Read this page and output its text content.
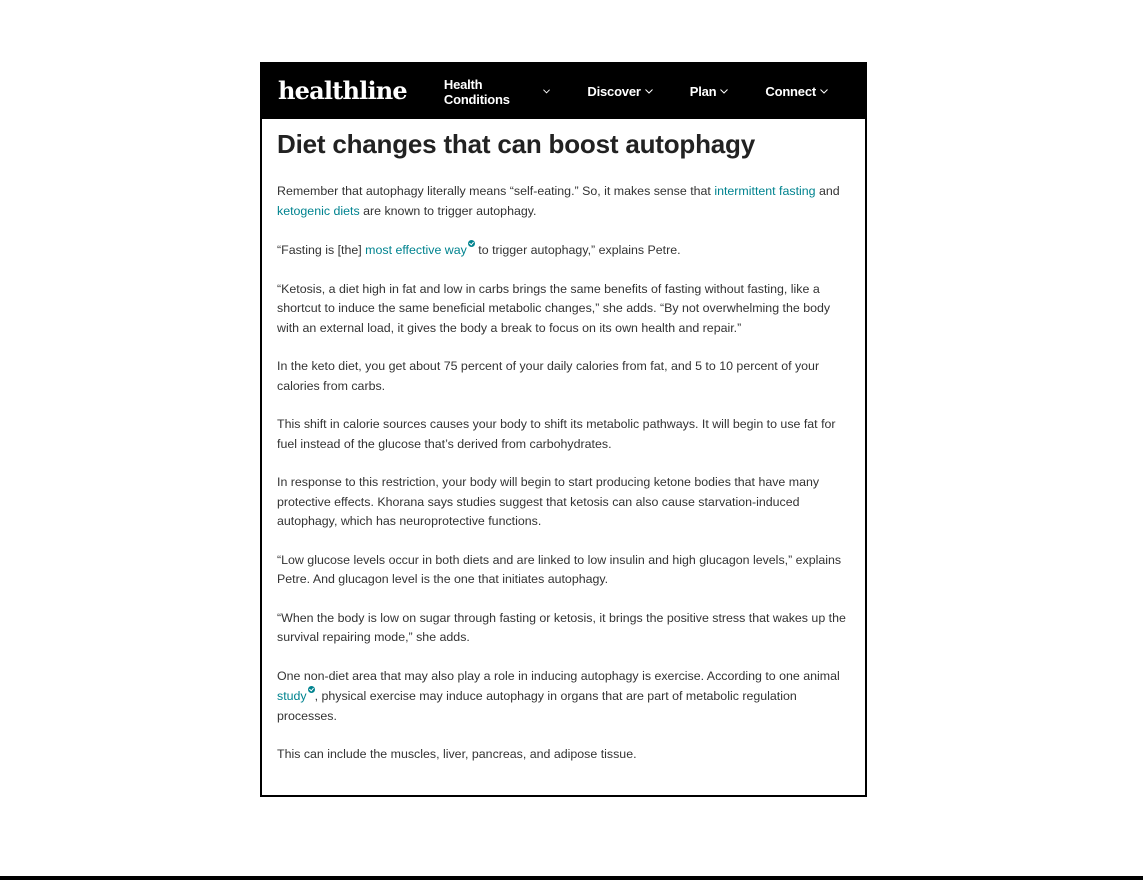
healthline	Health Conditions	Discover	Plan	Connect
Diet changes that can boost autophagy

Remember that autophagy literally means “self-eating.” So, it makes sense that intermittent fasting and ketogenic diets are known to trigger autophagy.

“Fasting is [the] most effective way to trigger autophagy,” explains Petre.

“Ketosis, a diet high in fat and low in carbs brings the same benefits of fasting without fasting, like a shortcut to induce the same beneficial metabolic changes,” she adds. “By not overwhelming the body with an external load, it gives the body a break to focus on its own health and repair.”

In the keto diet, you get about 75 percent of your daily calories from fat, and 5 to 10 percent of your calories from carbs.

This shift in calorie sources causes your body to shift its metabolic pathways. It will begin to use fat for fuel instead of the glucose that’s derived from carbohydrates.

In response to this restriction, your body will begin to start producing ketone bodies that have many protective effects. Khorana says studies suggest that ketosis can also cause starvation-induced autophagy, which has neuroprotective functions.

“Low glucose levels occur in both diets and are linked to low insulin and high glucagon levels,” explains Petre. And glucagon level is the one that initiates autophagy.

“When the body is low on sugar through fasting or ketosis, it brings the positive stress that wakes up the survival repairing mode,” she adds.

One non-diet area that may also play a role in inducing autophagy is exercise. According to one animal study , physical exercise may induce autophagy in organs that are part of metabolic regulation processes.

This can include the muscles, liver, pancreas, and adipose tissue.
